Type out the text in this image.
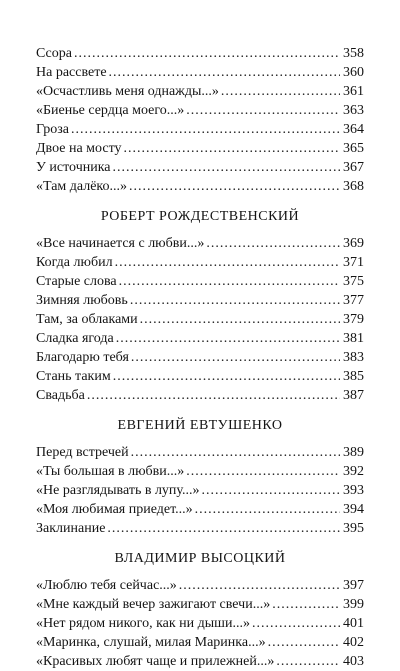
Ссора .....	358
На рассвете .....	360
«Осчастливь меня однажды...» .....	361
«Биенье сердца моего...» .....	363
Гроза .....	364
Двое на мосту .....	365
У источника .....	367
«Там далёко...» .....	368
РОБЕРТ РОЖДЕСТВЕНСКИЙ
«Все начинается с любви...» .....	369
Когда любил .....	371
Старые слова .....	375
Зимняя любовь .....	377
Там, за облаками .....	379
Сладка ягода .....	381
Благодарю тебя .....	383
Стань таким .....	385
Свадьба .....	387
ЕВГЕНИЙ ЕВТУШЕНКО
Перед встречей .....	389
«Ты большая в любви...» .....	392
«Не разглядывать в лупу...» .....	393
«Моя любимая приедет...» .....	394
Заклинание .....	395
ВЛАДИМИР ВЫСОЦКИЙ
«Люблю тебя сейчас...» .....	397
«Мне каждый вечер зажигают свечи...» .....	399
«Нет рядом никого, как ни дыши...» .....	401
«Маринка, слушай, милая Маринка...» .....	402
«Красивых любят чаще и прилежней...» .....	403
